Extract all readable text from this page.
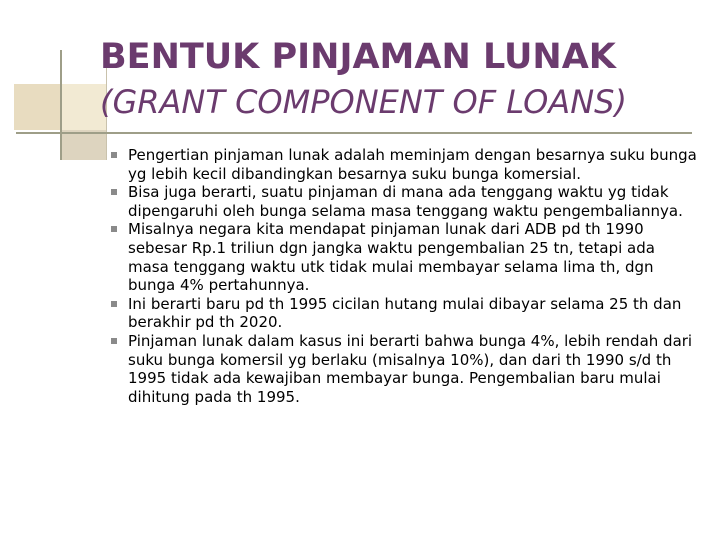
BENTUK PINJAMAN LUNAK
(GRANT COMPONENT OF LOANS)
Pengertian pinjaman lunak adalah meminjam dengan besarnya suku bunga yg lebih kecil dibandingkan besarnya suku bunga komersial.
Bisa juga berarti, suatu pinjaman di mana ada tenggang waktu yg tidak dipengaruhi oleh bunga selama masa tenggang waktu pengembaliannya.
Misalnya negara kita mendapat pinjaman lunak dari ADB pd th 1990 sebesar Rp.1 triliun dgn jangka waktu pengembalian 25 tn, tetapi ada masa tenggang waktu utk tidak mulai membayar selama lima th, dgn bunga 4% pertahunnya.
Ini berarti baru pd th 1995 cicilan hutang mulai dibayar selama 25 th dan berakhir pd th 2020.
Pinjaman lunak dalam kasus ini berarti bahwa bunga 4%, lebih rendah dari suku bunga komersil yg berlaku (misalnya 10%), dan dari th 1990 s/d th 1995 tidak ada kewajiban membayar bunga. Pengembalian baru mulai dihitung pada th 1995.
